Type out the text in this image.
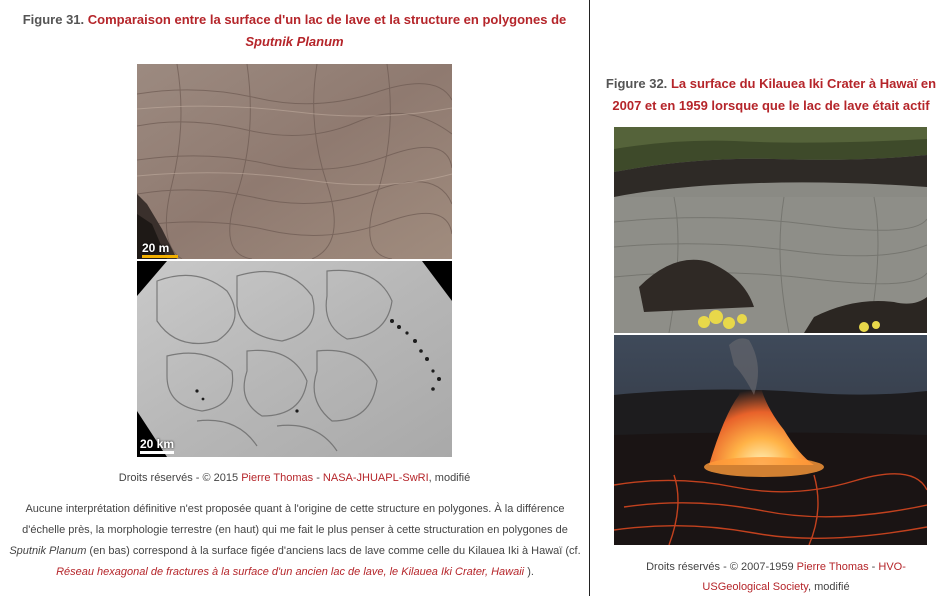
Figure 31. Comparaison entre la surface d'un lac de lave et la structure en polygones de
Sputnik Planum
20 m
20 km
Droits réservés - © 2015 Pierre Thomas - NASA-JHUAPL-SwRI, modifié
Aucune interprétation définitive n'est proposée quant à l'origine de cette structure en polygones. À la différence d'échelle près, la morphologie terrestre (en haut) qui me fait le plus penser à cette structuration en polygones de Sputnik Planum (en bas) correspond à la surface figée d'anciens lacs de lave comme celle du Kilauea Iki à Hawaï (cf. Réseau hexagonal de fractures à la surface d'un ancien lac de lave, le Kilauea Iki Crater, Hawaii ).
Figure 32. La surface du Kilauea Iki Crater à Hawaï en 2007 et en 1959 lorsque que le lac de lave était actif
Droits réservés - © 2007-1959 Pierre Thomas - HVO-USGeological Society, modifié
